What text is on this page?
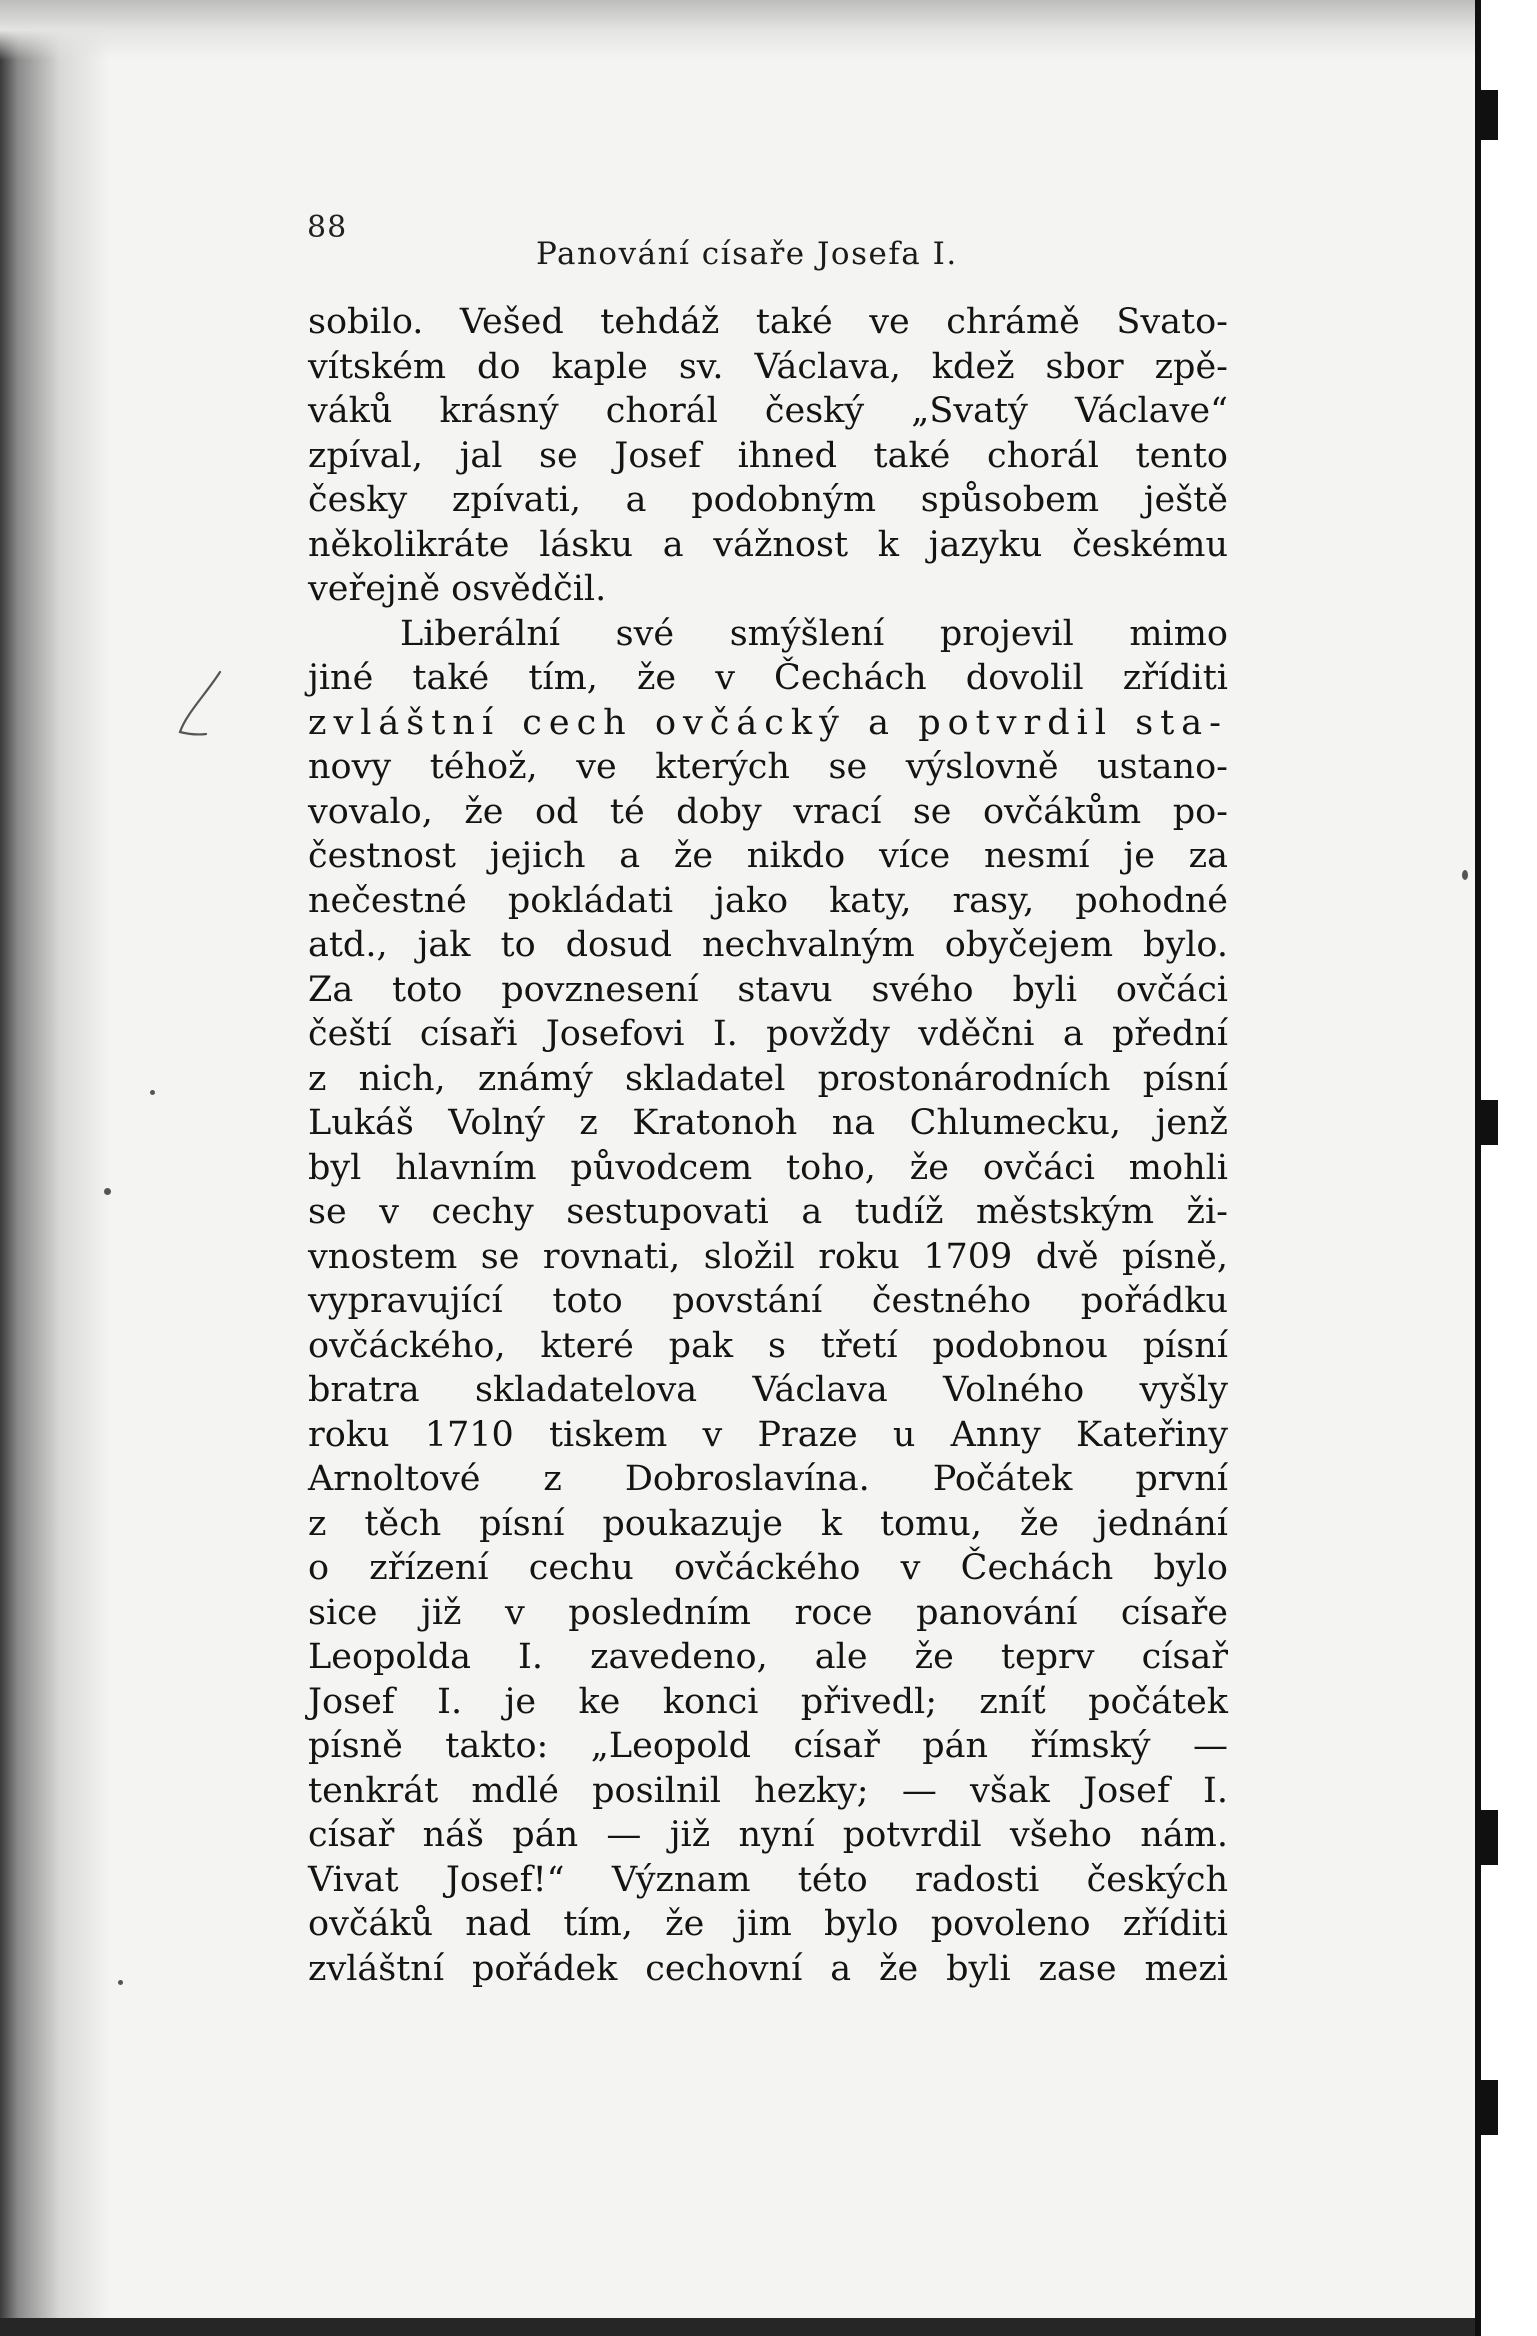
88
Panování císaře Josefa I.
sobilo. Vešed tehdáž také ve chrámě Svato-
vítském do kaple sv. Václava, kdež sbor zpě-
váků krásný chorál český „Svatý Václave“
zpíval, jal se Josef ihned také chorál tento
česky zpívati, a podobným spůsobem ještě
několikráte lásku a vážnost k jazyku českému
veřejně osvědčil.
Liberální své smýšlení projevil mimo
jiné také tím, že v Čechách dovolil zříditi
zvláštní cech ovčácký a potvrdil sta-
novy téhož, ve kterých se výslovně ustano-
vovalo, že od té doby vrací se ovčákům po-
čestnost jejich a že nikdo více nesmí je za
nečestné pokládati jako katy, rasy, pohodné
atd., jak to dosud nechvalným obyčejem bylo.
Za toto povznesení stavu svého byli ovčáci
čeští císaři Josefovi I. povždy vděčni a přední
z nich, známý skladatel prostonárodních písní
Lukáš Volný z Kratonoh na Chlumecku, jenž
byl hlavním původcem toho, že ovčáci mohli
se v cechy sestupovati a tudíž městským ži-
vnostem se rovnati, složil roku 1709 dvě písně,
vypravující toto povstání čestného pořádku
ovčáckého, které pak s třetí podobnou písní
bratra skladatelova Václava Volného vyšly
roku 1710 tiskem v Praze u Anny Kateřiny
Arnoltové z Dobroslavína. Počátek první
z těch písní poukazuje k tomu, že jednání
o zřízení cechu ovčáckého v Čechách bylo
sice již v posledním roce panování císaře
Leopolda I. zavedeno, ale že teprv císař
Josef I. je ke konci přivedl; zníť počátek
písně takto: „Leopold císař pán římský —
tenkrát mdlé posilnil hezky; — však Josef I.
císař náš pán — již nyní potvrdil všeho nám.
Vivat Josef!“ Význam této radosti českých
ovčáků nad tím, že jim bylo povoleno zříditi
zvláštní pořádek cechovní a že byli zase mezi
